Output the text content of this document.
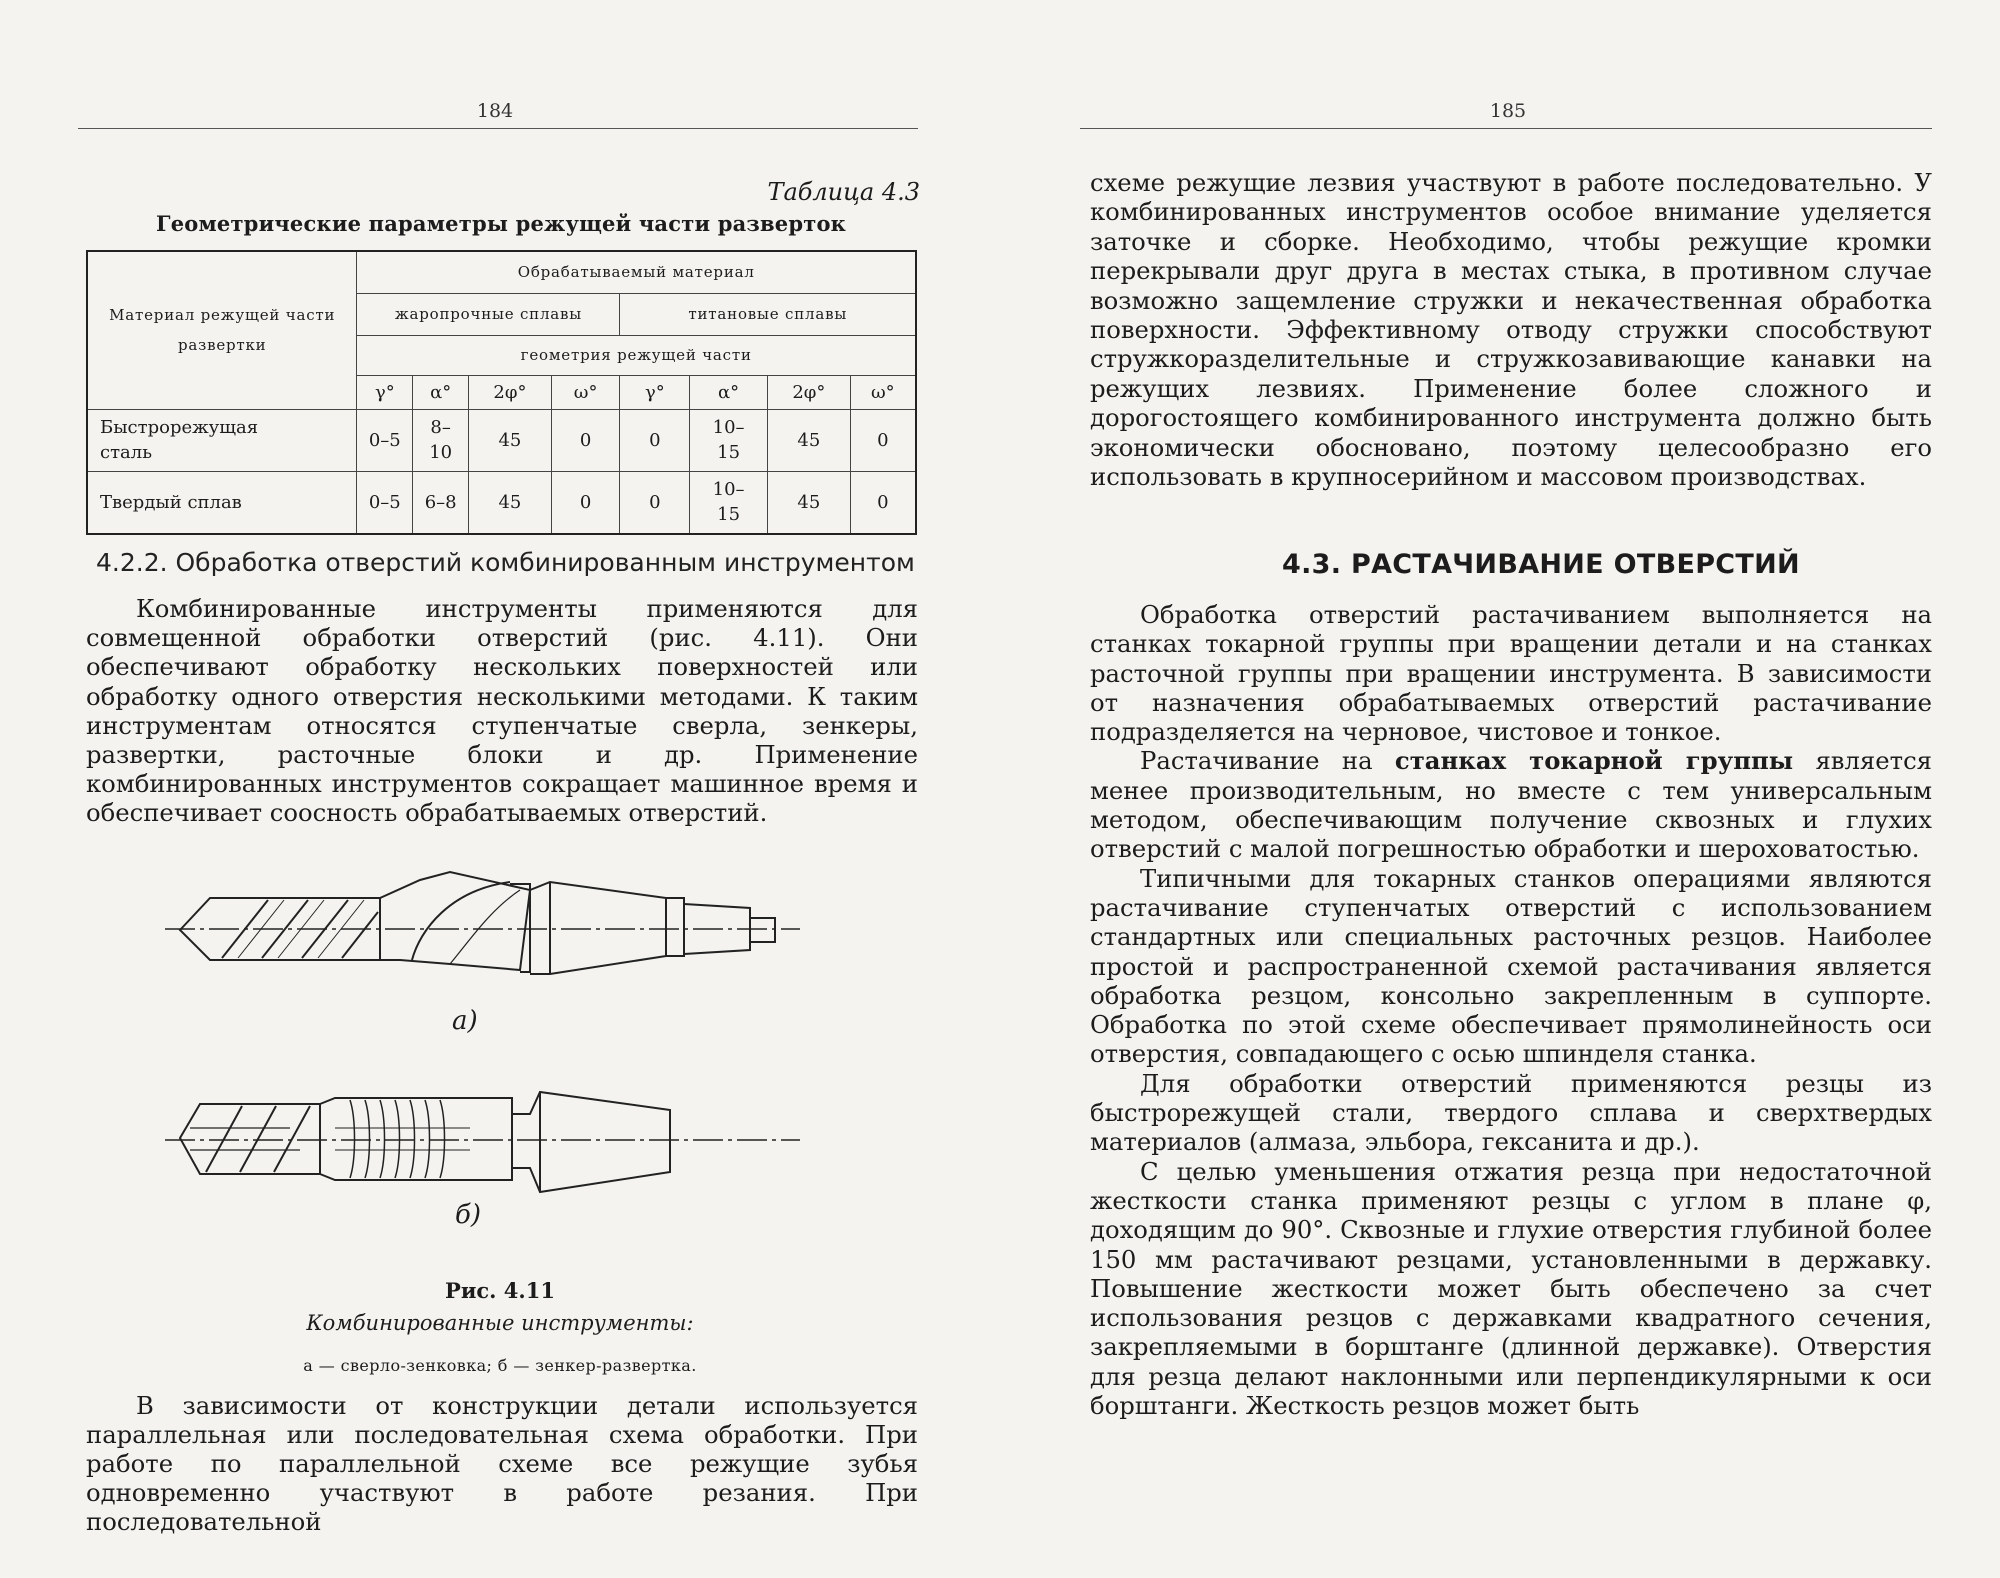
184
Таблица 4.3
Геометрические параметры режущей части разверток
Материал режущей части развертки	Обрабатываемый материал							
	жаропрочные сплавы				титановые сплавы			
	геометрия режущей части							
	γ°	α°	2φ°	ω°	γ°	α°	2φ°	ω°
Быстрорежущая сталь	0–5	8–10	45	0	0	10–15	45	0
Твердый сплав	0–5	6–8	45	0	0	10–15	45	0
4.2.2. Обработка отверстий комбинированным инструментом

Комбинированные инструменты применяются для совмещенной обработки отверстий (рис. 4.11). Они обеспечивают обработку нескольких поверхностей или обработку одного отверстия несколькими методами. К таким инструментам относятся ступенчатые сверла, зенкеры, развертки, расточные блоки и др. Применение комбинированных инструментов сокращает машинное время и обеспечивает соосность обрабатываемых отверстий.

а)
б)
Рис. 4.11
Комбинированные инструменты:
а — сверло-зенковка; б — зенкер-развертка.

В зависимости от конструкции детали используется параллельная или последовательная схема обработки. При работе по параллельной схеме все режущие зубья одновременно участвуют в работе резания. При последовательной

185

схеме режущие лезвия участвуют в работе последовательно. У комбинированных инструментов особое внимание уделяется заточке и сборке. Необходимо, чтобы режущие кромки перекрывали друг друга в местах стыка, в противном случае возможно защемление стружки и некачественная обработка поверхности. Эффективному отводу стружки способствуют стружкоразделительные и стружкозавивающие канавки на режущих лезвиях. Применение более сложного и дорогостоящего комбинированного инструмента должно быть экономически обосновано, поэтому целесообразно его использовать в крупносерийном и массовом производствах.

4.3. РАСТАЧИВАНИЕ ОТВЕРСТИЙ

Обработка отверстий растачиванием выполняется на станках токарной группы при вращении детали и на станках расточной группы при вращении инструмента. В зависимости от назначения обрабатываемых отверстий растачивание подразделяется на черновое, чистовое и тонкое.

Растачивание на станках токарной группы является менее производительным, но вместе с тем универсальным методом, обеспечивающим получение сквозных и глухих отверстий с малой погрешностью обработки и шероховатостью.

Типичными для токарных станков операциями являются растачивание ступенчатых отверстий с использованием стандартных или специальных расточных резцов. Наиболее простой и распространенной схемой растачивания является обработка резцом, консольно закрепленным в суппорте. Обработка по этой схеме обеспечивает прямолинейность оси отверстия, совпадающего с осью шпинделя станка.

Для обработки отверстий применяются резцы из быстрорежущей стали, твердого сплава и сверхтвердых материалов (алмаза, эльбора, гексанита и др.).

С целью уменьшения отжатия резца при недостаточной жесткости станка применяют резцы с углом в плане φ, доходящим до 90°. Сквозные и глухие отверстия глубиной более 150 мм растачивают резцами, установленными в державку. Повышение жесткости может быть обеспечено за счет использования резцов с державками квадратного сечения, закрепляемыми в борштанге (длинной державке). Отверстия для резца делают наклонными или перпендикулярными к оси борштанги. Жесткость резцов может быть
